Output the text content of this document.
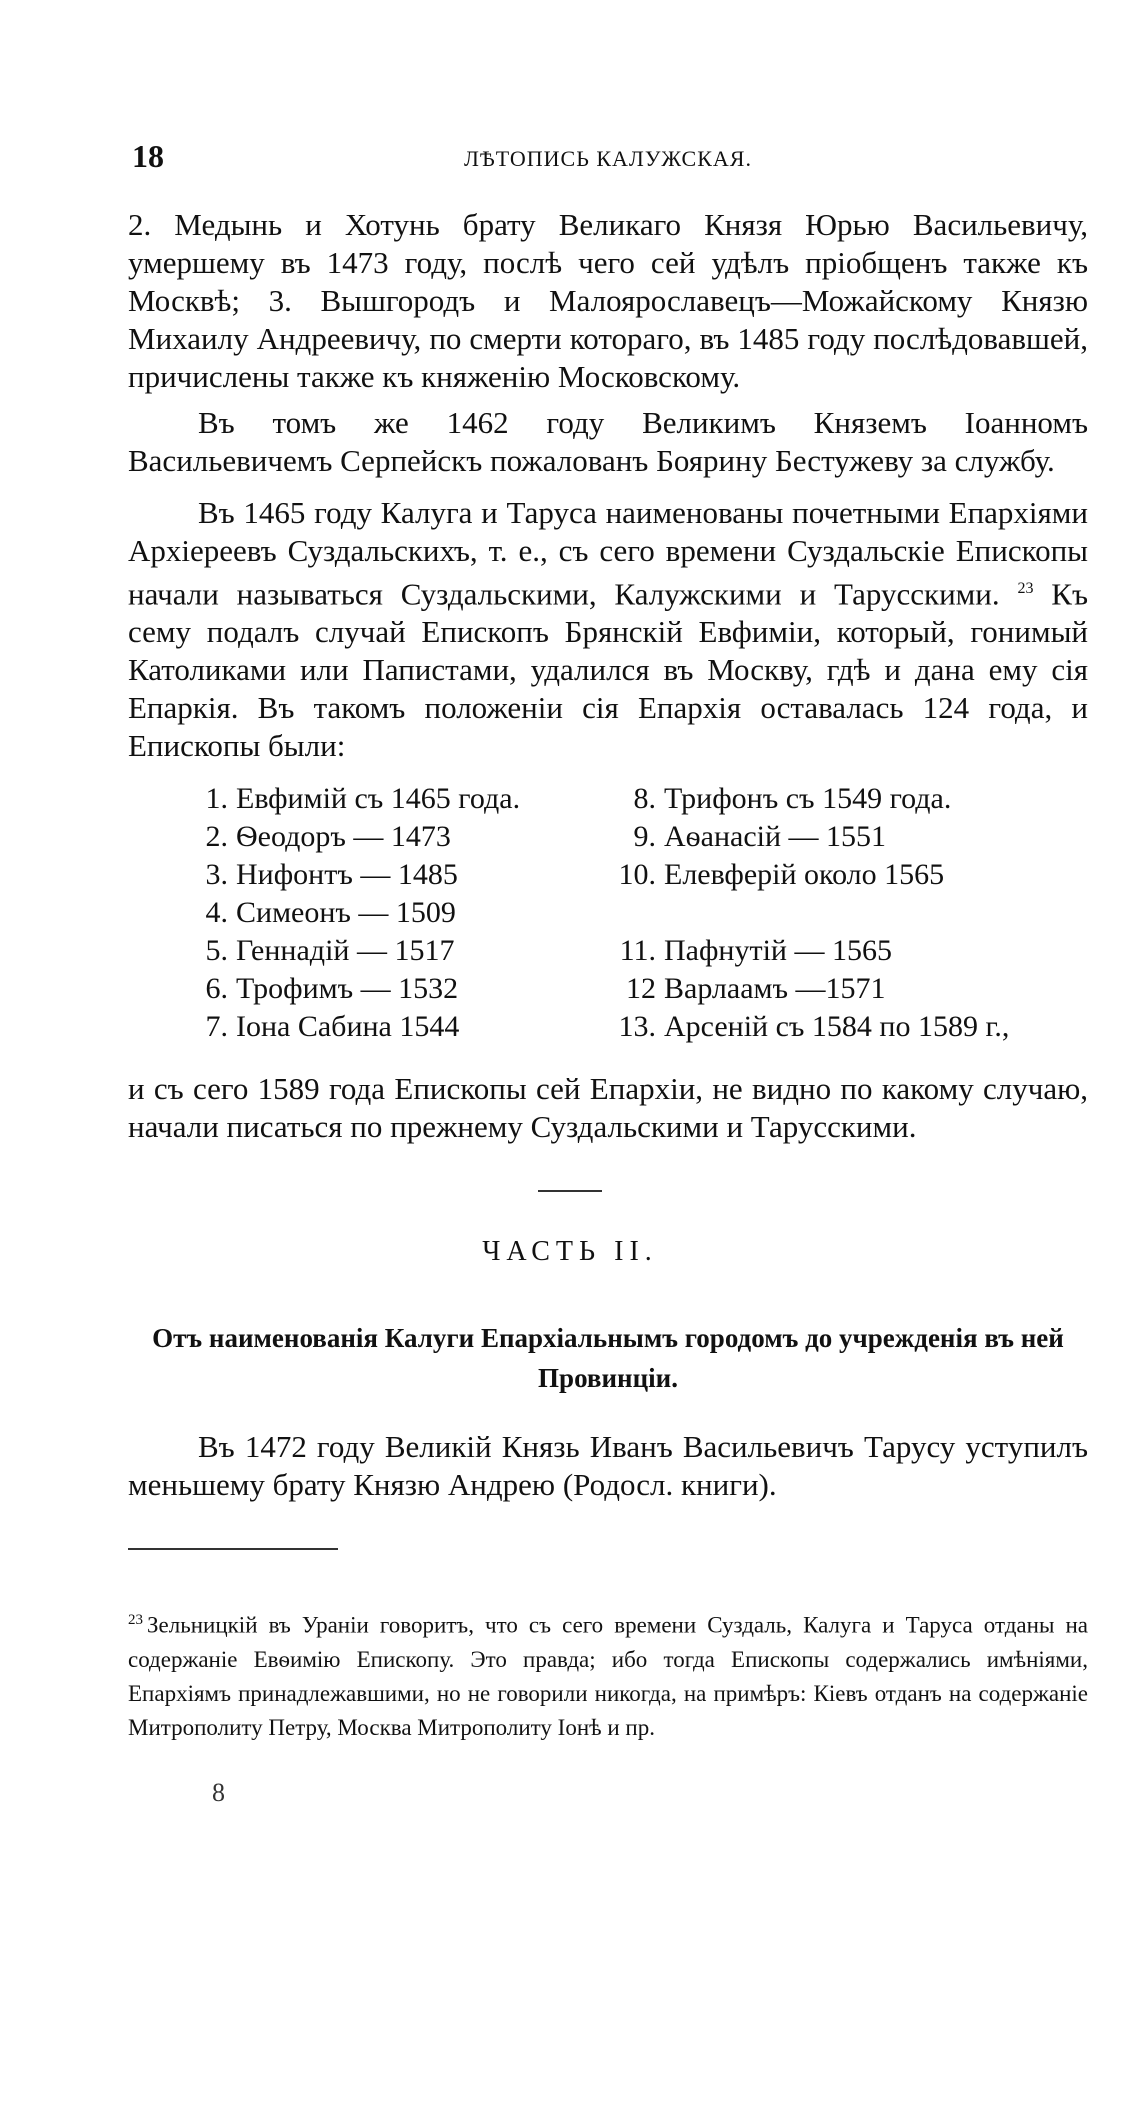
18	ЛѢТОПИСЬ КАЛУЖСКАЯ.

2. Медынь и Хотунь брату Великаго Князя Юрью Васильевичу, умершему въ 1473 году, послѣ чего сей удѣлъ пріобщенъ также къ Москвѣ; 3. Вышгородъ и Малоярославецъ—Можайскому Князю Михаилу Андреевичу, по смерти котораго, въ 1485 году послѣдовавшей, причислены также къ княженію Московскому.

Въ томъ же 1462 году Великимъ Княземъ Іоанномъ Васильевичемъ Серпейскъ пожалованъ Боярину Бестужеву за службу.

Въ 1465 году Калуга и Таруса наименованы почетными Епархіями Архіереевъ Суздальскихъ, т. е., съ сего времени Суздальскіе Епископы начали называться Суздальскими, Калужскими и Тарусскими. $^{23}$ Къ сему подалъ случай Епископъ Брянскій Евфиміи, который, гонимый Католиками или Папистами, удалился въ Москву, гдѣ и дана ему сія Епаркія. Въ такомъ положеніи сія Епархія оставалась 124 года, и Епископы были:

1. Евфимій съ 1465 года.
2. Ѳеодоръ — 1473
3. Нифонтъ — 1485
4. Симеонъ — 1509
5. Геннадій — 1517
6. Трофимъ — 1532
7. Іона Сабина 1544
8. Трифонъ съ 1549 года.
9. Аѳанасій — 1551
10. Елевферій около 1565
11. Пафнутій — 1565
12 Варлаамъ —1571
13. Арсеній съ 1584 по 1589 г.,

и съ сего 1589 года Епископы сей Епархіи, не видно по какому случаю, начали писаться по прежнему Суздальскими и Тарусскими.

ЧАСТЬ II.
Отъ наименованія Калуги Епархіальнымъ городомъ до учрежденія въ ней Провинціи.

Въ 1472 году Великій Князь Иванъ Васильевичъ Тарусу уступилъ меньшему брату Князю Андрею (Родосл. книги).

$^{23}$ Зельницкій въ Ураніи говоритъ, что съ сего времени Суздаль, Калуга и Таруса отданы на содержаніе Евѳимію Епископу. Это правда; ибо тогда Епископы содержались имѣніями, Епархіямъ принадлежавшими, но не говорили никогда, на примѣръ: Кіевъ отданъ на содержаніе Митрополиту Петру, Москва Митрополиту Іонѣ и пр.

8
